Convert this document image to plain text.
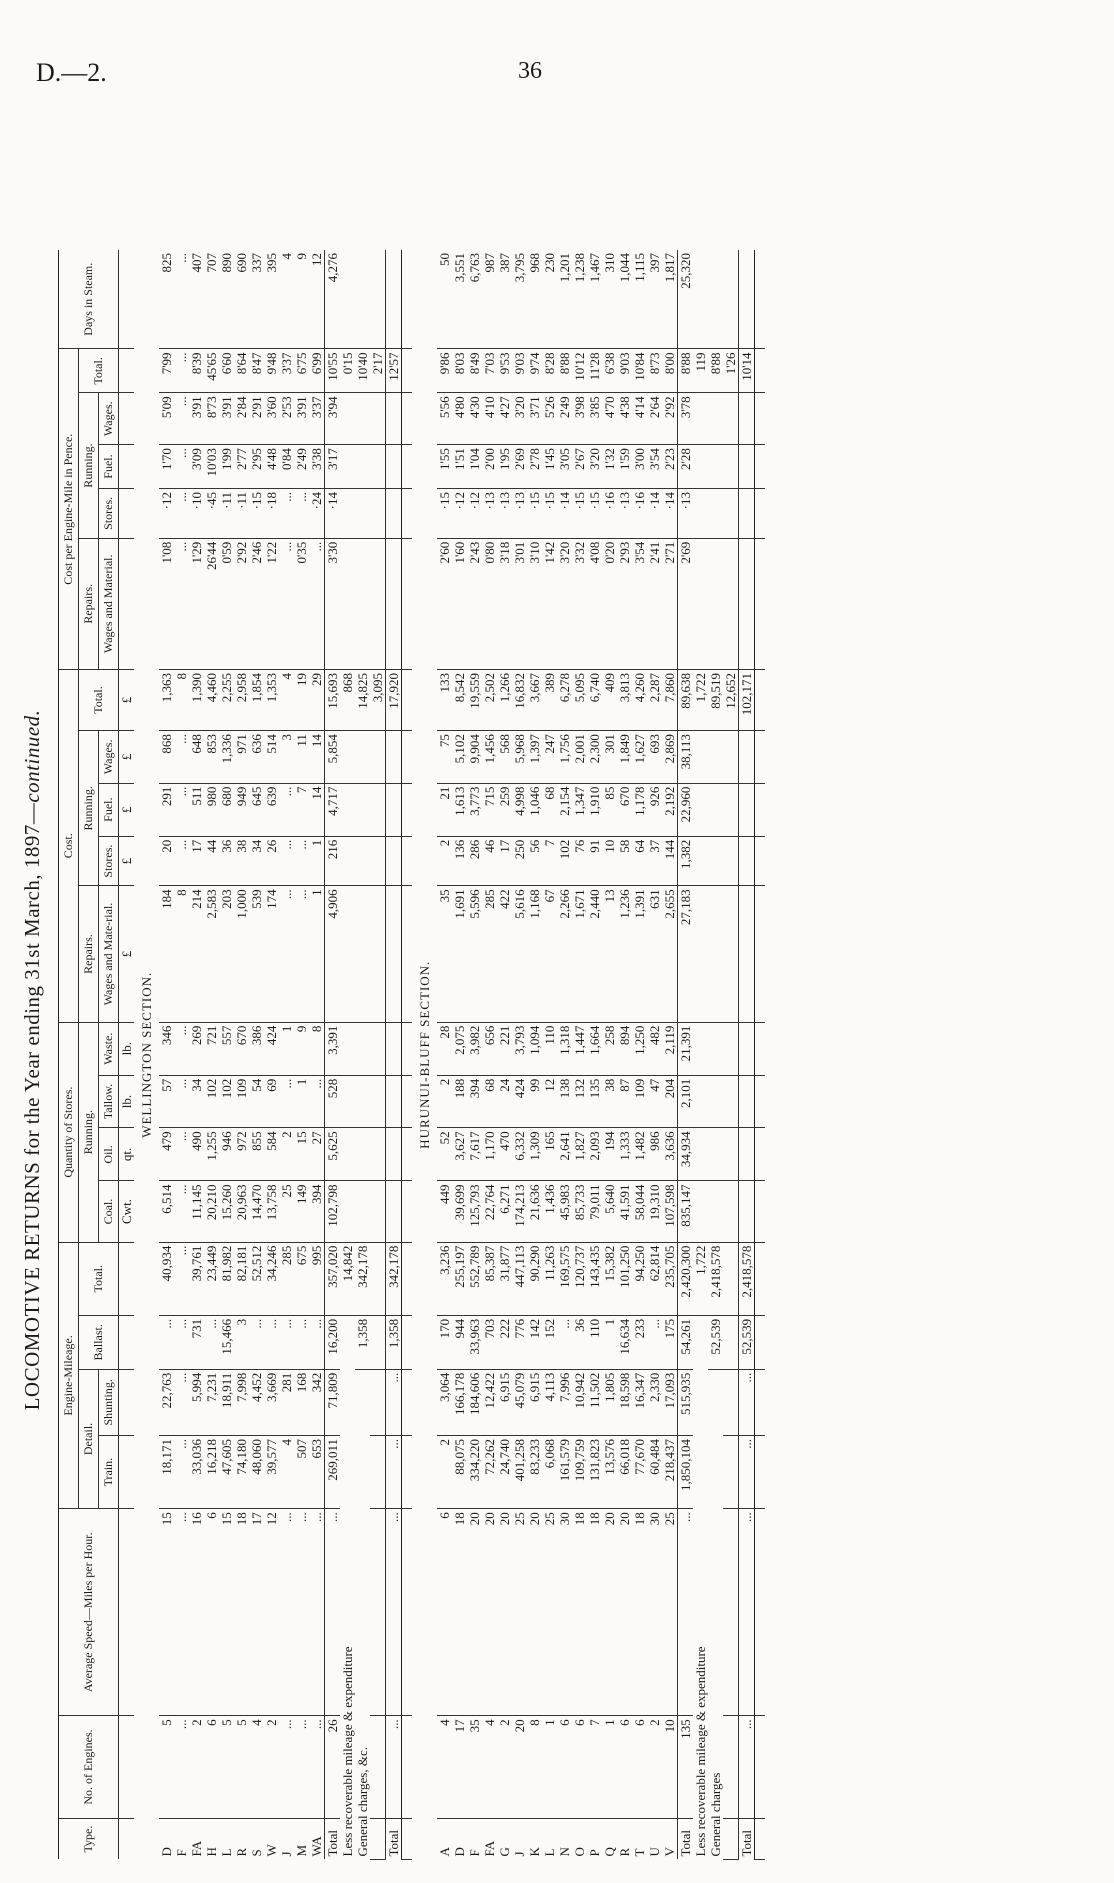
D.—2.	36
LOCOMOTIVE RETURNS for the Year ending 31st March, 1897—continued.
Type.	No. of Engines.	Average Speed—Miles per Hour.	Engine-Mileage.				Quantity of Stores.				Cost.					Cost per Engine-Mile in Pence.					Days in Steam.
			Detail.		Ballast.	Total.	Running.				Repairs.	Running.			Total.	Repairs.	Running.			Total.	
			Train.	Shunting.			Coal.	Oil.	Tallow.	Waste.		Stores.	Fuel.	Wages.			Stores.	Fuel.	Wages.		
											Wages and Mate-rial.					Wages and Material.					
							Cwt.	qt.	lb.	lb.	£	£	£	£	£						
WELLINGTON SECTION.																					
D	5	15	18,171	22,763	...	40,934	6,514	479	57	346	184	20	291	868	1,363	1'08	·12	1'70	5'09	7'99	825
F	...	...	...	...	...	...	...	...	...	...	8	...	...	...	8	...	...	...	...	...	...
FA	2	16	33,036	5,994	731	39,761	11,145	490	34	269	214	17	511	648	1,390	1'29	·10	3'09	3'91	8'39	407
H	6	6	16,218	7,231	...	23,449	20,210	1,255	102	721	2,583	44	980	853	4,460	26'44	·45	10'03	8'73	45'65	707
L	5	15	47,605	18,911	15,466	81,982	15,260	946	102	557	203	36	680	1,336	2,255	0'59	·11	1'99	3'91	6'60	890
R	5	18	74,180	7,998	3	82,181	20,963	972	109	670	1,000	38	949	971	2,958	2'92	·11	2'77	2'84	8'64	690
S	4	17	48,060	4,452	...	52,512	14,470	855	54	386	539	34	645	636	1,854	2'46	·15	2'95	2'91	8'47	337
W	2	12	39,577	3,669	...	34,246	13,758	584	69	424	174	26	639	514	1,353	1'22	·18	4'48	3'60	9'48	395
J	...	...	4	281	...	285	25	2	...	1	...	...	...	3	4	...	...	0'84	2'53	3'37	4
M	...	...	507	168	...	675	149	15	1	9	...	...	7	11	19	0'35	...	2'49	3'91	6'75	9
WA	...	...	653	342	...	995	394	27	...	8	1	1	14	14	29	...	·24	3'38	3'37	6'99	12
Total	26	...	269,011	71,809	16,200	357,020	102,798	5,625	528	3,391	4,906	216	4,717	5,854	15,693	3'30	·14	3'17	3'94	10'55	4,276
Less recoverable mileage & expenditure						14,842									868					0'15	
General charges, &c.					1,358	342,178									14,825					10'40	
															3,095					2'17	
Total	...	...	...	...	1,358	342,178									17,920					12'57	

HURUNUI-BLUFF SECTION.																					
A	4	6	2	3,064	170	3,236	449	52	2	28	35	2	21	75	133	2'60	·15	1'55	5'56	9'86	50
D	17	18	88,075	166,178	944	255,197	39,699	3,627	188	2,075	1,691	136	1,613	5,102	8,542	1'60	·12	1'51	4'80	8'03	3,551
F	35	20	334,220	184,606	33,963	552,789	125,793	7,617	394	3,982	5,596	286	3,773	9,904	19,559	2'43	·12	1'04	4'30	8'49	6,763
FA	4	20	72,262	12,422	703	85,387	22,764	1,170	68	656	285	46	715	1,456	2,502	0'80	·13	2'00	4'10	7'03	987
G	2	20	24,740	6,915	222	31,877	6,271	470	24	221	422	17	259	568	1,266	3'18	·13	1'95	4'27	9'53	387
J	20	25	401,258	45,079	776	447,113	174,213	6,332	424	3,793	5,616	250	4,998	5,968	16,832	3'01	·13	2'69	3'20	9'03	3,795
K	8	20	83,233	6,915	142	90,290	21,636	1,309	99	1,094	1,168	56	1,046	1,397	3,667	3'10	·15	2'78	3'71	9'74	968
L	1	25	6,068	4,113	152	11,263	1,436	165	12	110	67	7	68	247	389	1'42	·15	1'45	5'26	8'28	230
N	6	30	161,579	7,996	...	169,575	45,983	2,641	138	1,318	2,266	102	2,154	1,756	6,278	3'20	·14	3'05	2'49	8'88	1,201
O	6	18	109,759	10,942	36	120,737	85,733	1,827	132	1,447	1,671	76	1,347	2,001	5,095	3'32	·15	2'67	3'98	10'12	1,238
P	7	18	131,823	11,502	110	143,435	79,011	2,093	135	1,664	2,440	91	1,910	2,300	6,740	4'08	·15	3'20	3'85	11'28	1,467
Q	1	20	13,576	1,805	1	15,382	5,640	194	38	258	13	10	85	301	409	0'20	·16	1'32	4'70	6'38	310
R	6	20	66,018	18,598	16,634	101,250	41,591	1,333	87	894	1,236	58	670	1,849	3,813	2'93	·13	1'59	4'38	9'03	1,044
T	6	18	77,670	16,347	233	94,250	58,044	1,482	109	1,250	1,391	64	1,178	1,627	4,260	3'54	·16	3'00	4'14	10'84	1,115
U	2	30	60,484	2,330	...	62,814	19,310	986	47	482	631	37	926	693	2,287	2'41	·14	3'54	2'64	8'73	397
V	10	25	218,437	17,093	175	235,705	107,598	3,636	204	2,119	2,655	144	2,192	2,869	7,860	2'71	·14	2'23	2'92	8'00	1,817
Total	135	...	1,850,104	515,935	54,261	2,420,300	835,147	34,934	2,101	21,391	27,183	1,382	22,960	38,113	89,638	2'69	·13	2'28	3'78	8'88	25,320
Less recoverable mileage & expenditure						1,722									1,722					119	
General charges					52,539	2,418,578									89,519					8'88	
															12,652					1'26	
Total	...	...	...	...	52,539	2,418,578									102,171					10'14	
